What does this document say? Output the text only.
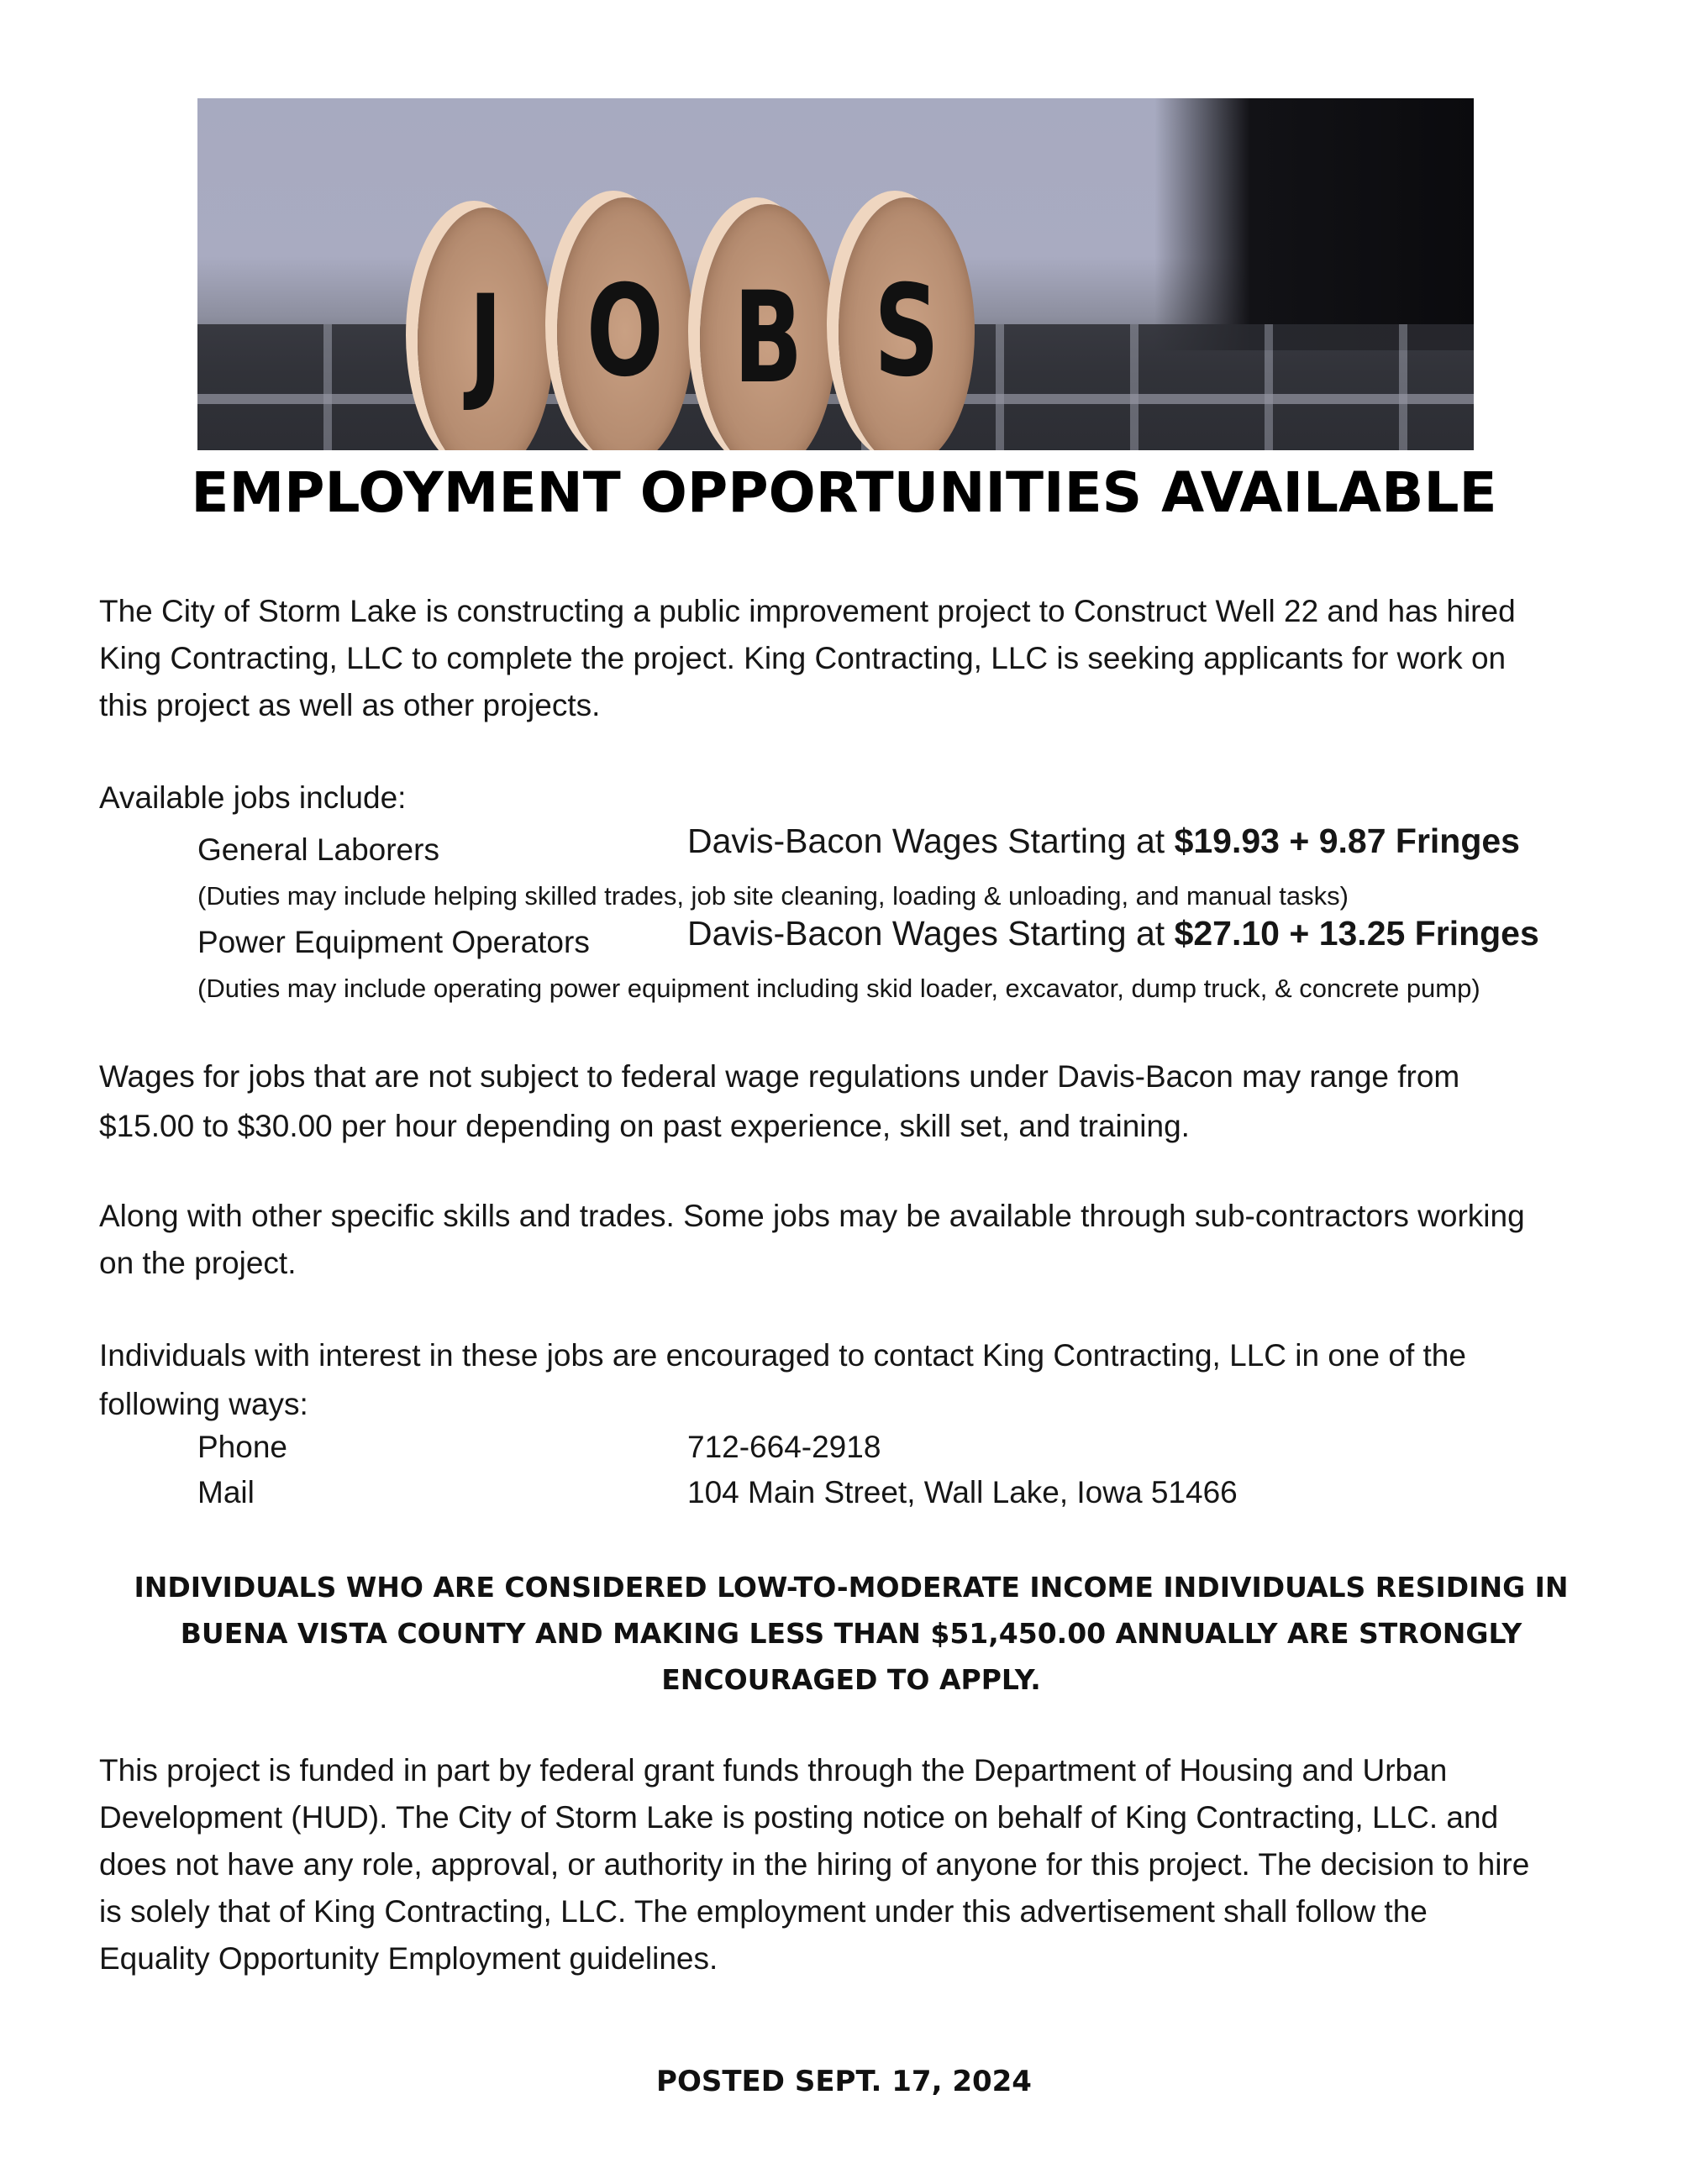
J O B S
EMPLOYMENT OPPORTUNITIES AVAILABLE
The City of Storm Lake is constructing a public improvement project to Construct Well 22 and has hired
King Contracting, LLC to complete the project. King Contracting, LLC is seeking applicants for work on
this project as well as other projects.
Available jobs include:
General Laborers	Davis-Bacon Wages Starting at $19.93 + 9.87 Fringes
(Duties may include helping skilled trades, job site cleaning, loading & unloading, and manual tasks)
Power Equipment Operators	Davis-Bacon Wages Starting at $27.10 + 13.25 Fringes
(Duties may include operating power equipment including skid loader, excavator, dump truck, & concrete pump)
Wages for jobs that are not subject to federal wage regulations under Davis-Bacon may range from
$15.00 to $30.00 per hour depending on past experience, skill set, and training.
Along with other specific skills and trades. Some jobs may be available through sub-contractors working
on the project.
Individuals with interest in these jobs are encouraged to contact King Contracting, LLC in one of the
following ways:
Phone	712-664-2918
Mail	104 Main Street, Wall Lake, Iowa 51466
INDIVIDUALS WHO ARE CONSIDERED LOW-TO-MODERATE INCOME INDIVIDUALS RESIDING IN
BUENA VISTA COUNTY AND MAKING LESS THAN $51,450.00 ANNUALLY ARE STRONGLY
ENCOURAGED TO APPLY.
This project is funded in part by federal grant funds through the Department of Housing and Urban
Development (HUD). The City of Storm Lake is posting notice on behalf of King Contracting, LLC. and
does not have any role, approval, or authority in the hiring of anyone for this project. The decision to hire
is solely that of King Contracting, LLC. The employment under this advertisement shall follow the
Equality Opportunity Employment guidelines.
POSTED SEPT. 17, 2024
